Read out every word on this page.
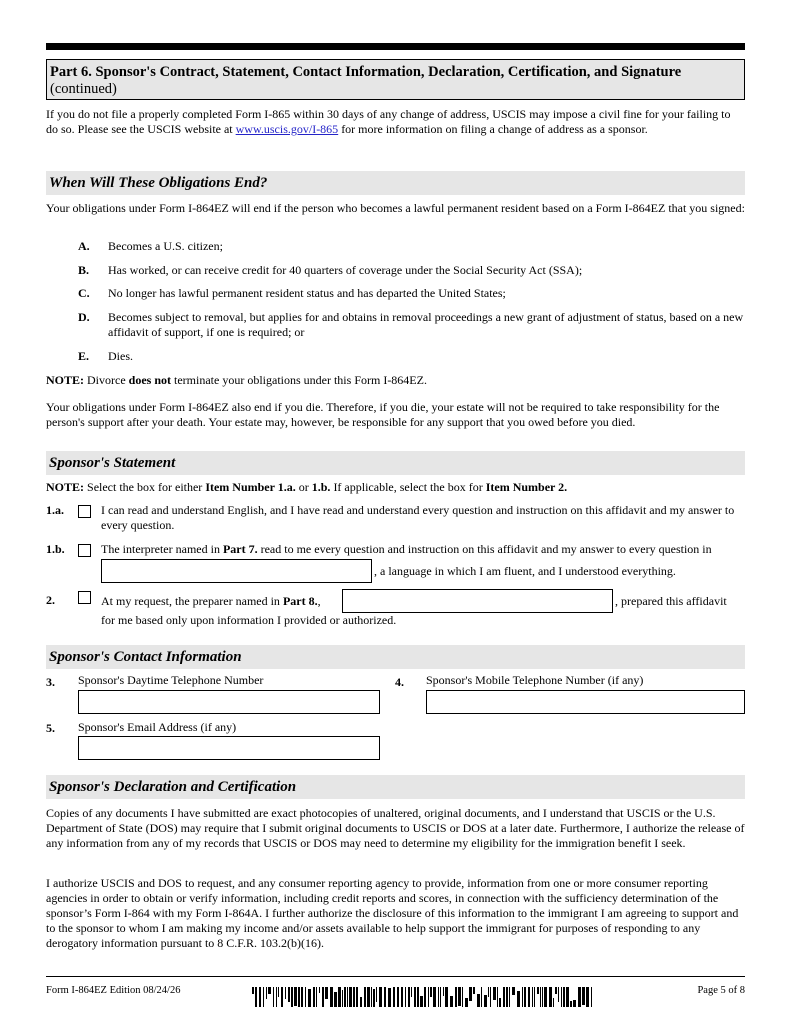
Part 6. Sponsor's Contract, Statement, Contact Information, Declaration, Certification, and Signature
(continued)
If you do not file a properly completed Form I-865 within 30 days of any change of address, USCIS may impose a civil fine for your failing to do so. Please see the USCIS website at www.uscis.gov/I-865 for more information on filing a change of address as a sponsor.
When Will These Obligations End?
Your obligations under Form I-864EZ will end if the person who becomes a lawful permanent resident based on a Form I-864EZ that you signed:
A. Becomes a U.S. citizen;
B. Has worked, or can receive credit for 40 quarters of coverage under the Social Security Act (SSA);
C. No longer has lawful permanent resident status and has departed the United States;
D. Becomes subject to removal, but applies for and obtains in removal proceedings a new grant of adjustment of status, based on a new affidavit of support, if one is required; or
E. Dies.
NOTE: Divorce does not terminate your obligations under this Form I-864EZ.
Your obligations under Form I-864EZ also end if you die. Therefore, if you die, your estate will not be required to take responsibility for the person's support after your death. Your estate may, however, be responsible for any support that you owed before you died.
Sponsor's Statement
NOTE: Select the box for either Item Number 1.a. or 1.b. If applicable, select the box for Item Number 2.
1.a.	I can read and understand English, and I have read and understand every question and instruction on this affidavit and my answer to every question.
1.b.	The interpreter named in Part 7. read to me every question and instruction on this affidavit and my answer to every question in
, a language in which I am fluent, and I understood everything.
2.	At my request, the preparer named in Part 8.,	, prepared this affidavit
for me based only upon information I provided or authorized.
Sponsor's Contact Information
3. Sponsor's Daytime Telephone Number	4. Sponsor's Mobile Telephone Number (if any)
5. Sponsor's Email Address (if any)
Sponsor's Declaration and Certification
Copies of any documents I have submitted are exact photocopies of unaltered, original documents, and I understand that USCIS or the U.S. Department of State (DOS) may require that I submit original documents to USCIS or DOS at a later date. Furthermore, I authorize the release of any information from any of my records that USCIS or DOS may need to determine my eligibility for the immigration benefit I seek.
I authorize USCIS and DOS to request, and any consumer reporting agency to provide, information from one or more consumer reporting agencies in order to obtain or verify information, including credit reports and scores, in connection with the sufficiency determination of the sponsor’s Form I-864 with my Form I-864A. I further authorize the disclosure of this information to the immigrant I am agreeing to support and to the sponsor to whom I am making my income and/or assets available to help support the immigrant for purposes of responding to any derogatory information pursuant to 8 C.F.R. 103.2(b)(16).
Form I-864EZ Edition 08/24/26	Page 5 of 8
